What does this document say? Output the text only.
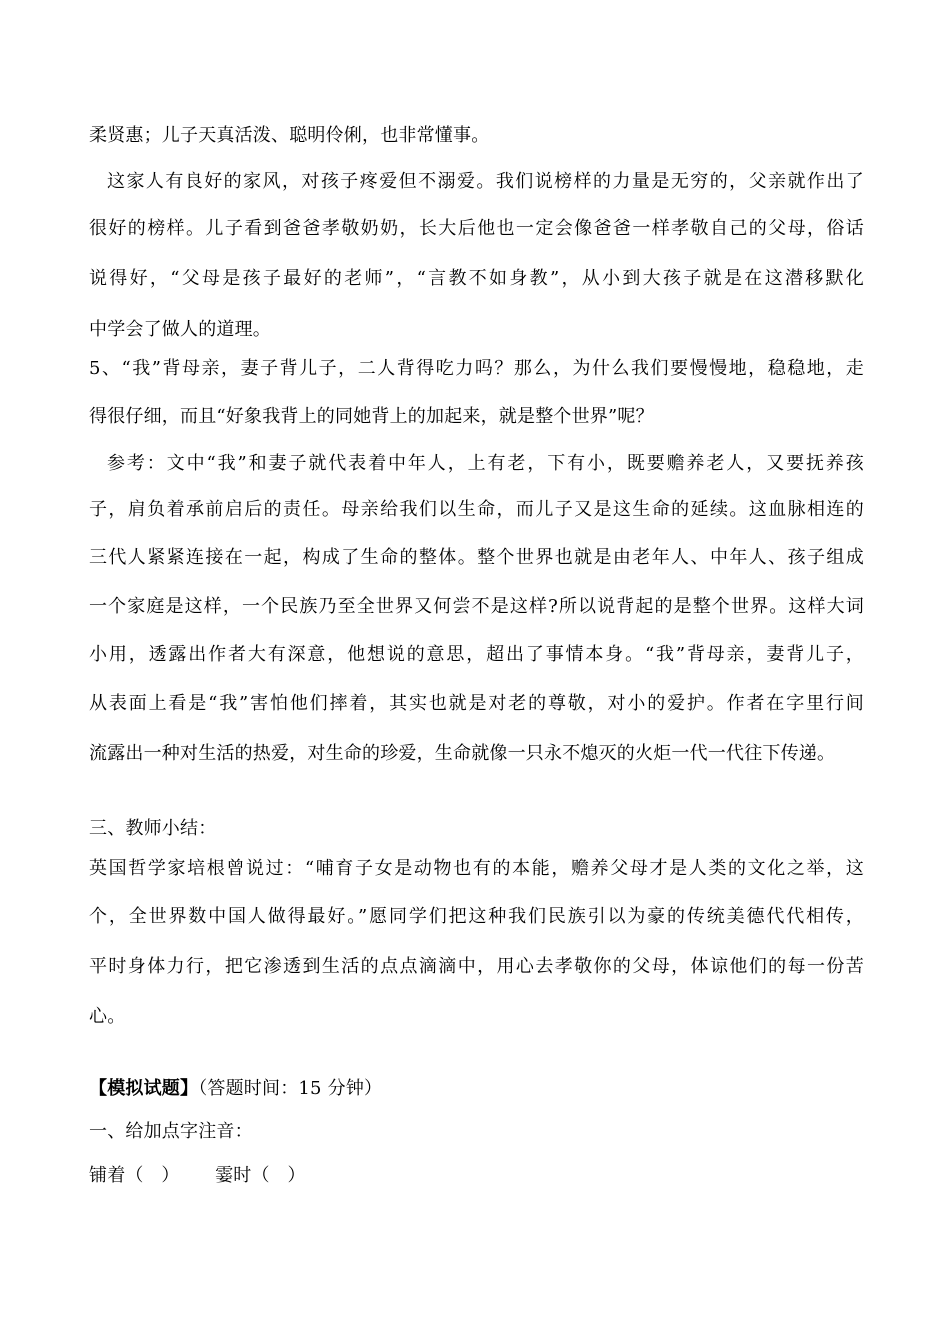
柔贤惠；儿子天真活泼、聪明伶俐，也非常懂事。
这家人有良好的家风，对孩子疼爱但不溺爱。我们说榜样的力量是无穷的，父亲就作出了
很好的榜样。儿子看到爸爸孝敬奶奶，长大后他也一定会像爸爸一样孝敬自己的父母，俗话
说得好，“父母是孩子最好的老师”，“言教不如身教”，从小到大孩子就是在这潜移默化
中学会了做人的道理。
5、“我”背母亲，妻子背儿子，二人背得吃力吗？那么，为什么我们要慢慢地，稳稳地，走
得很仔细，而且“好象我背上的同她背上的加起来，就是整个世界”呢？
参考：文中“我”和妻子就代表着中年人，上有老，下有小，既要赡养老人，又要抚养孩
子，肩负着承前启后的责任。母亲给我们以生命，而儿子又是这生命的延续。这血脉相连的
三代人紧紧连接在一起，构成了生命的整体。整个世界也就是由老年人、中年人、孩子组成
一个家庭是这样，一个民族乃至全世界又何尝不是这样?所以说背起的是整个世界。这样大词
小用，透露出作者大有深意，他想说的意思，超出了事情本身。“我”背母亲，妻背儿子，
从表面上看是“我”害怕他们摔着，其实也就是对老的尊敬，对小的爱护。作者在字里行间
流露出一种对生活的热爱，对生命的珍爱，生命就像一只永不熄灭的火炬一代一代往下传递。
三、教师小结：
英国哲学家培根曾说过：“哺育子女是动物也有的本能，赡养父母才是人类的文化之举，这
个，全世界数中国人做得最好。”愿同学们把这种我们民族引以为豪的传统美德代代相传，
平时身体力行，把它渗透到生活的点点滴滴中，用心去孝敬你的父母，体谅他们的每一份苦
心。
【模拟试题】（答题时间：15 分钟）
一、给加点字注音：
铺着（   ）      霎时（   ）
